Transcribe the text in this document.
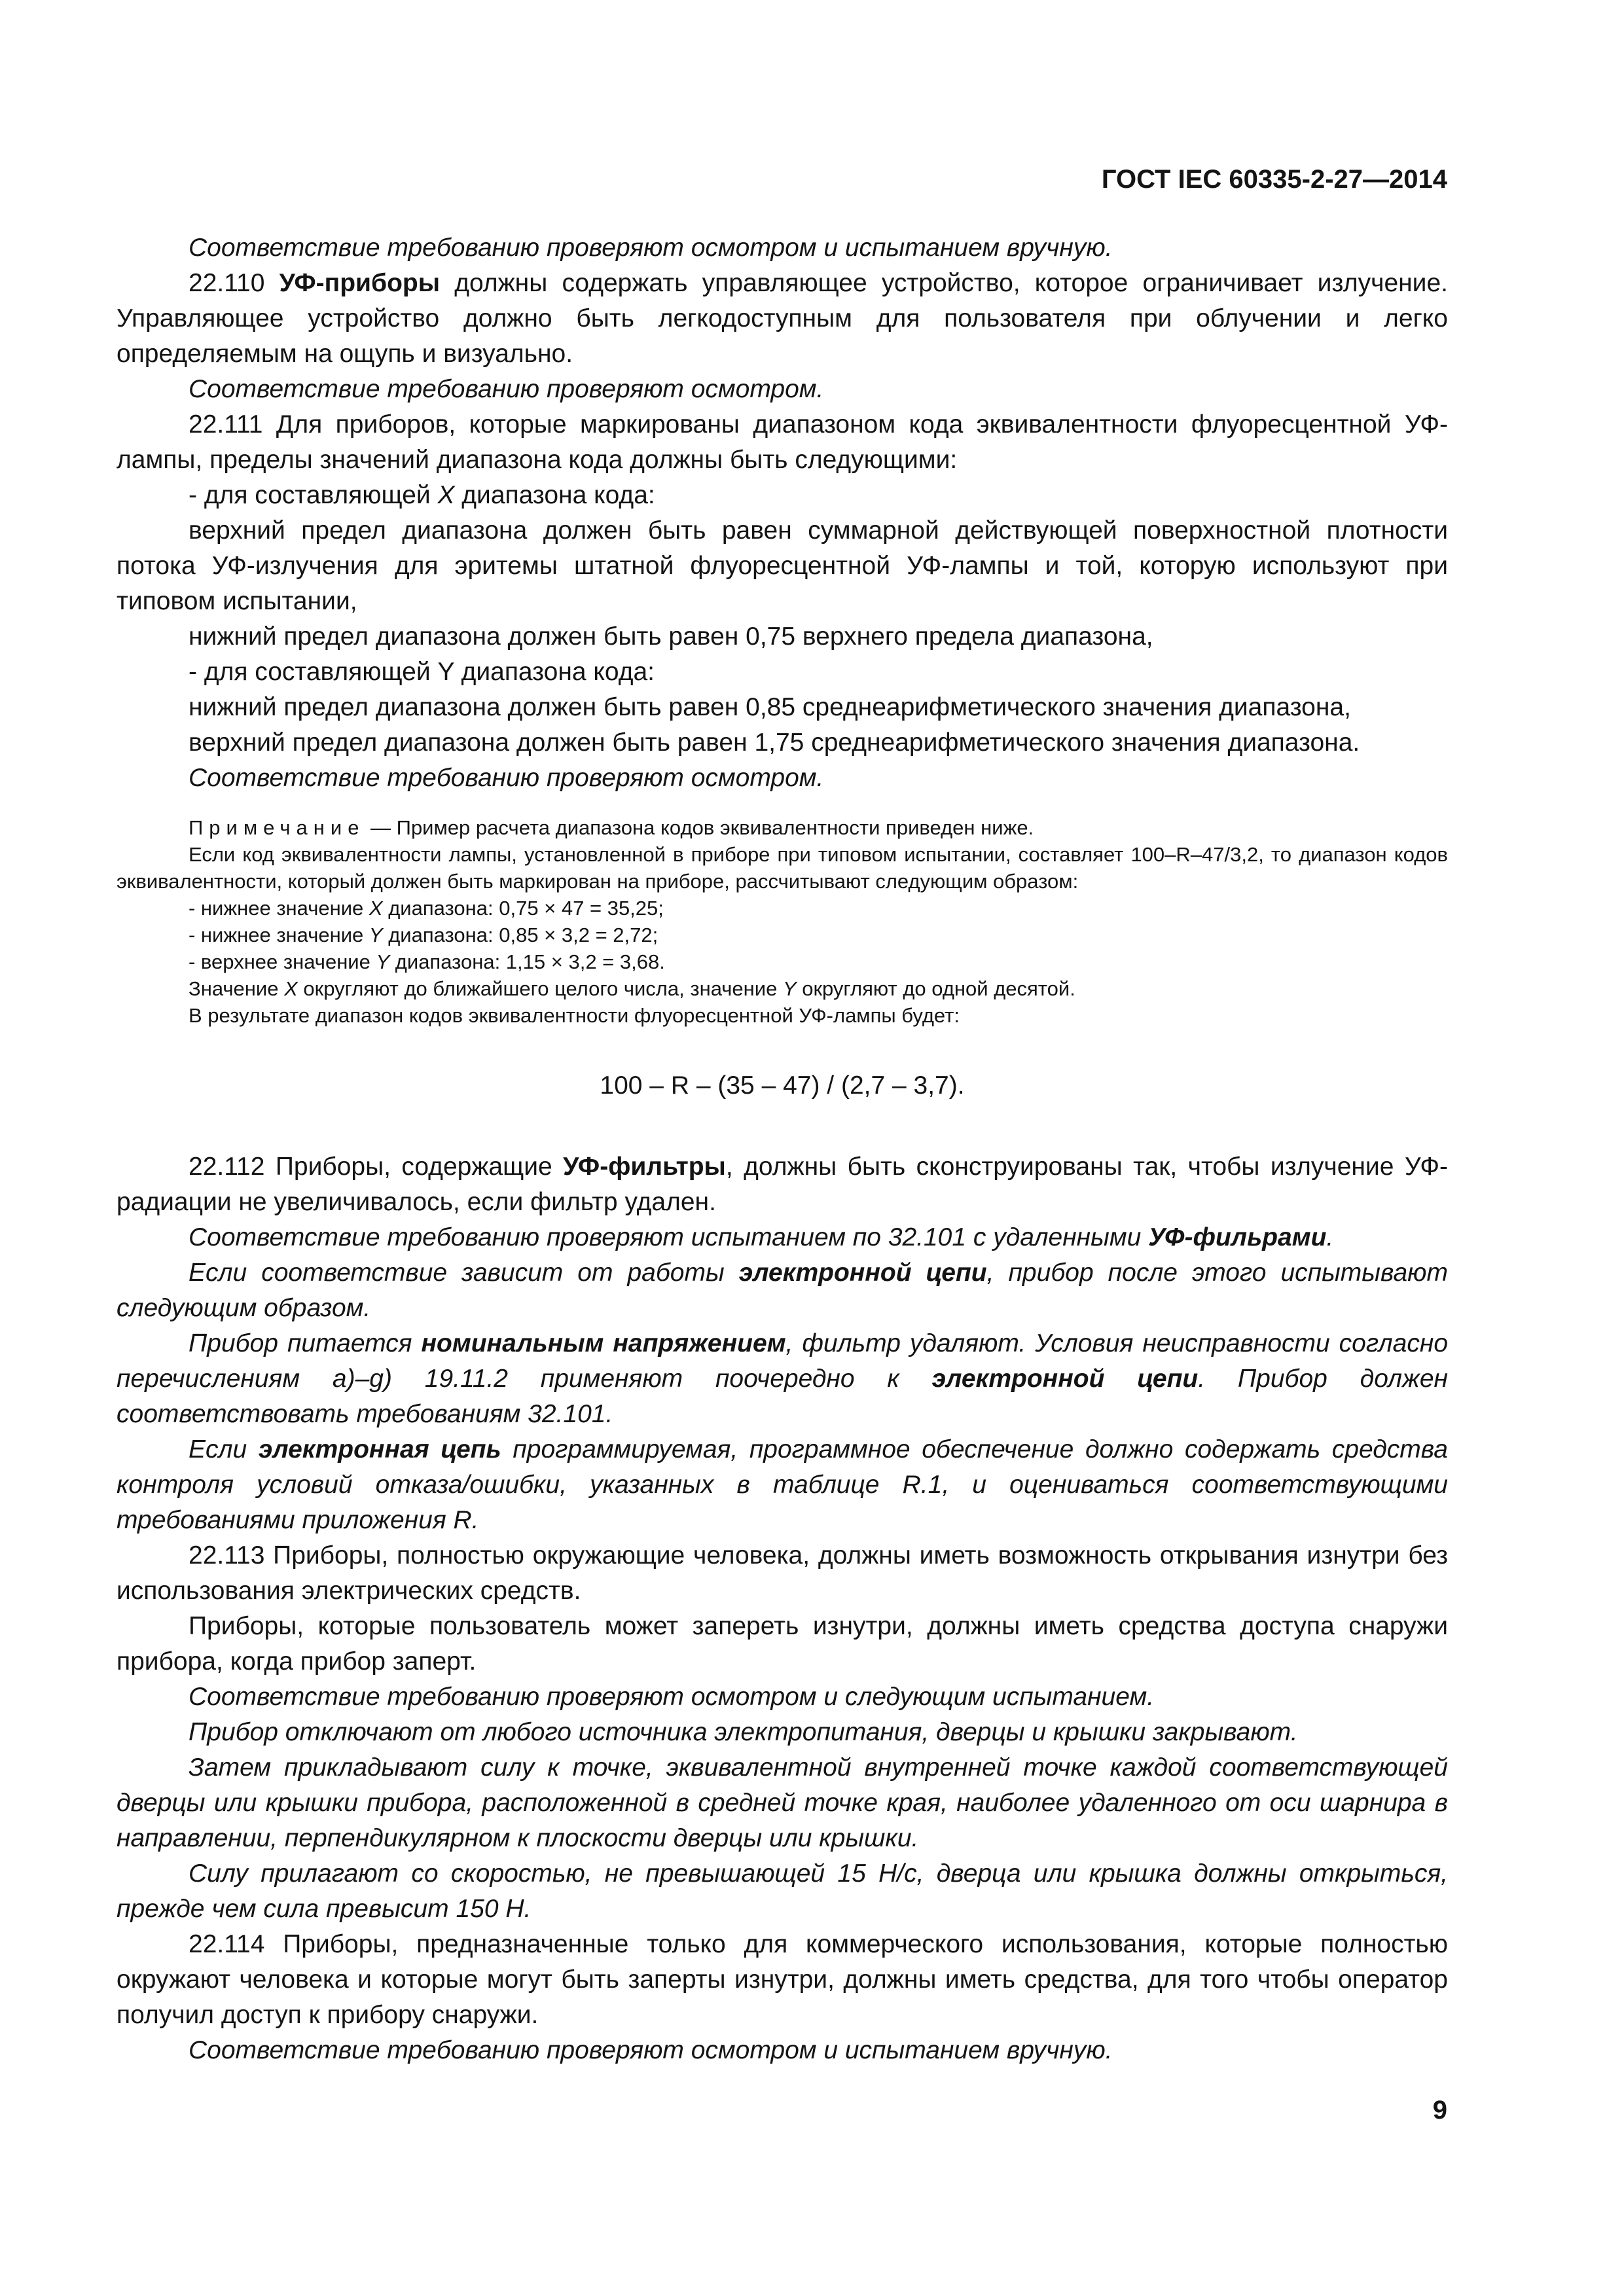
ГОСТ IEC 60335-2-27—2014

Соответствие требованию проверяют осмотром и испытанием вручную.

22.110 УФ-приборы должны содержать управляющее устройство, которое ограничивает излучение. Управляющее устройство должно быть легкодоступным для пользователя при облучении и легко определяемым на ощупь и визуально.

Соответствие требованию проверяют осмотром.

22.111 Для приборов, которые маркированы диапазоном кода эквивалентности флуоресцентной УФ-лампы, пределы значений диапазона кода должны быть следующими:

- для составляющей X диапазона кода:

верхний предел диапазона должен быть равен суммарной действующей поверхностной плотности потока УФ-излучения для эритемы штатной флуоресцентной УФ-лампы и той, которую используют при типовом испытании,

нижний предел диапазона должен быть равен 0,75 верхнего предела диапазона,

- для составляющей Y диапазона кода:

нижний предел диапазона должен быть равен 0,85 среднеарифметического значения диапазона,

верхний предел диапазона должен быть равен 1,75 среднеарифметического значения диапазона.

Соответствие требованию проверяют осмотром.

Примечание — Пример расчета диапазона кодов эквивалентности приведен ниже.

Если код эквивалентности лампы, установленной в приборе при типовом испытании, составляет 100–R–47/3,2, то диапазон кодов эквивалентности, который должен быть маркирован на приборе, рассчитывают следующим образом:

- нижнее значение X диапазона: 0,75 × 47 = 35,25;

- нижнее значение Y диапазона: 0,85 × 3,2 = 2,72;

- верхнее значение Y диапазона: 1,15 × 3,2 = 3,68.

Значение X округляют до ближайшего целого числа, значение Y округляют до одной десятой.

В результате диапазон кодов эквивалентности флуоресцентной УФ-лампы будет:

100 – R – (35 – 47) / (2,7 – 3,7).

22.112 Приборы, содержащие УФ-фильтры, должны быть сконструированы так, чтобы излучение УФ-радиации не увеличивалось, если фильтр удален.

Соответствие требованию проверяют испытанием по 32.101 с удаленными УФ-фильрами.

Если соответствие зависит от работы электронной цепи, прибор после этого испытывают следующим образом.

Прибор питается номинальным напряжением, фильтр удаляют. Условия неисправности согласно перечислениям a)–g) 19.11.2 применяют поочередно к электронной цепи. Прибор должен соответствовать требованиям 32.101.

Если электронная цепь программируемая, программное обеспечение должно содержать средства контроля условий отказа/ошибки, указанных в таблице R.1, и оцениваться соответствующими требованиями приложения R.

22.113 Приборы, полностью окружающие человека, должны иметь возможность открывания изнутри без использования электрических средств.

Приборы, которые пользователь может запереть изнутри, должны иметь средства доступа снаружи прибора, когда прибор заперт.

Соответствие требованию проверяют осмотром и следующим испытанием.

Прибор отключают от любого источника электропитания, дверцы и крышки закрывают.

Затем прикладывают силу к точке, эквивалентной внутренней точке каждой соответствующей дверцы или крышки прибора, расположенной в средней точке края, наиболее удаленного от оси шарнира в направлении, перпендикулярном к плоскости дверцы или крышки.

Силу прилагают со скоростью, не превышающей 15 Н/с, дверца или крышка должны открыться, прежде чем сила превысит 150 Н.

22.114 Приборы, предназначенные только для коммерческого использования, которые полностью окружают человека и которые могут быть заперты изнутри, должны иметь средства, для того чтобы оператор получил доступ к прибору снаружи.

Соответствие требованию проверяют осмотром и испытанием вручную.

9
